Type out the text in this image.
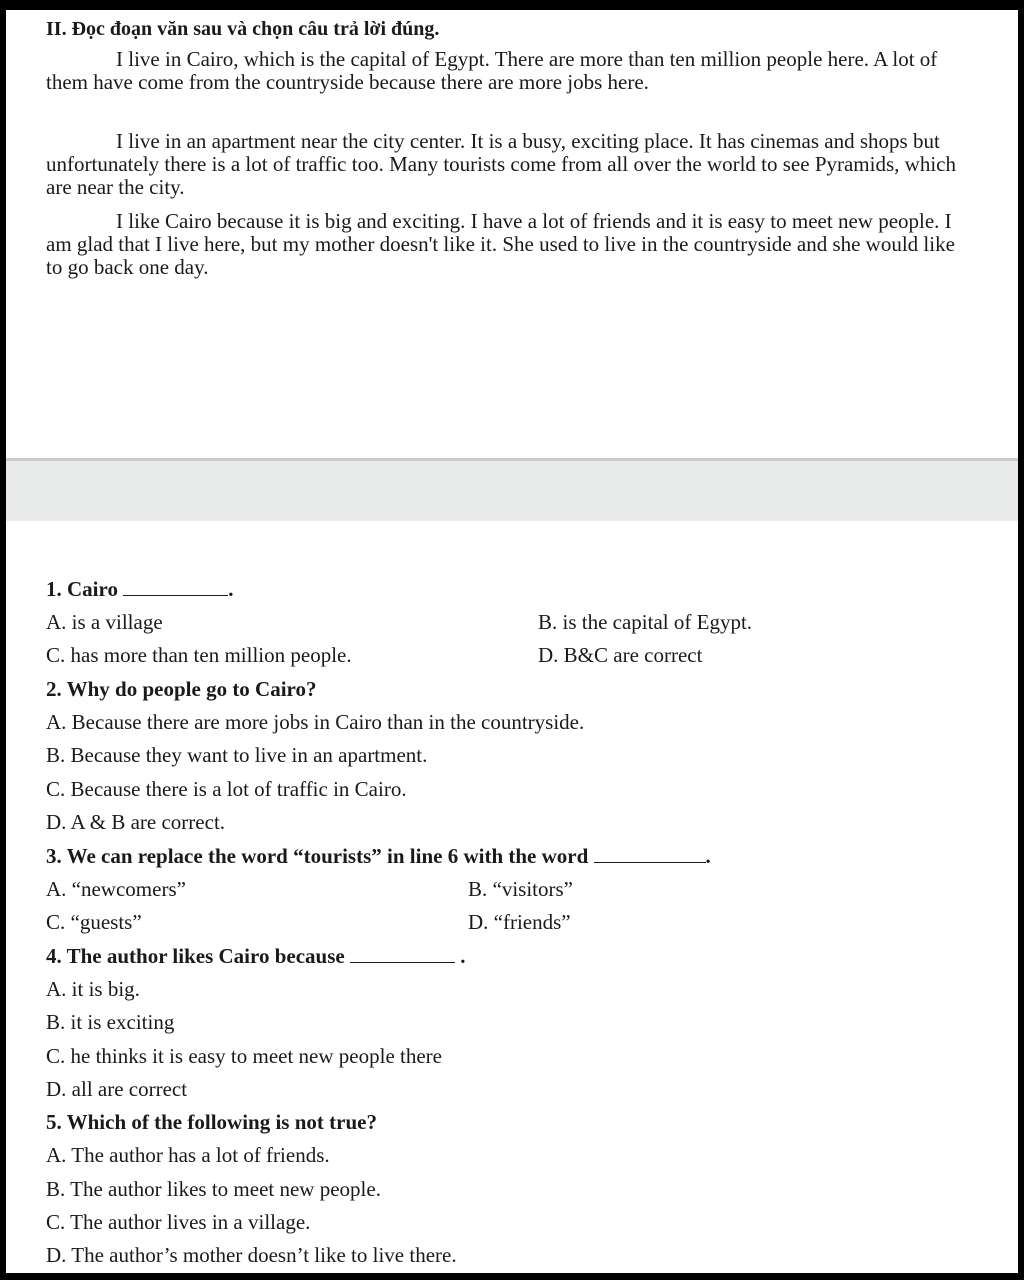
II. Đọc đoạn văn sau và chọn câu trả lời đúng.

I live in Cairo, which is the capital of Egypt. There are more than ten million people here. A lot of them have come from the countryside because there are more jobs here.

I live in an apartment near the city center. It is a busy, exciting place. It has cinemas and shops but unfortunately there is a lot of traffic too. Many tourists come from all over the world to see Pyramids, which are near the city.

I like Cairo because it is big and exciting. I have a lot of friends and it is easy to meet new people. I am glad that I live here, but my mother doesn't like it. She used to live in the countryside and she would like to go back one day.

1. Cairo	.
A. is a village	B. is the capital of Egypt.
C. has more than ten million people.	D. B&C are correct
2. Why do people go to Cairo?
A. Because there are more jobs in Cairo than in the countryside.
B. Because they want to live in an apartment.
C. Because there is a lot of traffic in Cairo.
D. A & B are correct.
3. We can replace the word “tourists” in line 6 with the word	.
A. “newcomers”	B. “visitors”
C. “guests”	D. “friends”
4. The author likes Cairo because	.
A. it is big.
B. it is exciting
C. he thinks it is easy to meet new people there
D. all are correct
5. Which of the following is not true?
A. The author has a lot of friends.
B. The author likes to meet new people.
C. The author lives in a village.
D. The author’s mother doesn’t like to live there.
